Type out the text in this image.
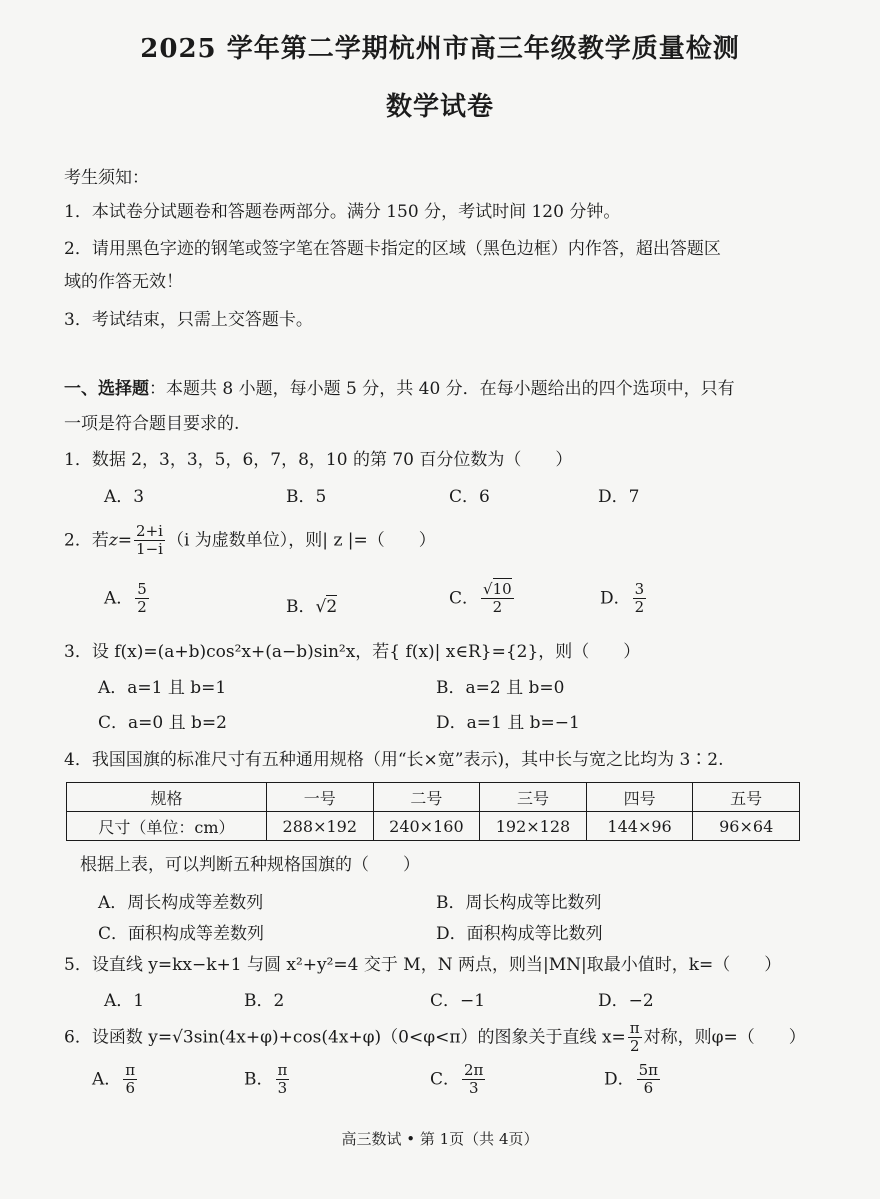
2025 学年第二学期杭州市高三年级教学质量检测
数学试卷

考生须知：

1．本试卷分试题卷和答题卷两部分。满分 150 分，考试时间 120 分钟。

2．请用黑色字迹的钢笔或签字笔在答题卡指定的区域（黑色边框）内作答，超出答题区

域的作答无效！

3．考试结束，只需上交答题卡。

一、选择题：本题共 8 小题，每小题 5 分，共 40 分．在每小题给出的四个选项中，只有

一项是符合题目要求的.

1．数据 2，3，3，5，6，7，8，10 的第 70 百分位数为（　　）

A．3	B．5	C．6	D．7

2．若$z= \frac{2+i}{1-i} (i$ 为虚数单位），则| z |=（　　）

A． $\frac{5}{2}$	B．√2	C． $\frac{√10}{2}$	D． $\frac{3}{2}$

3．设 f(x)=(a+b)cos²x+(a−b)sin²x，若{ f(x)| x∈R}={2}，则（　　）

A．a=1 且 b=1	B．a=2 且 b=0
C．a=0 且 b=2	D．a=1 且 b=−1

4．我国国旗的标准尺寸有五种通用规格（用“长×宽”表示)，其中长与宽之比均为 3∶2.

规格	一号	二号	三号	四号	五号
尺寸（单位：cm）	288×192	240×160	192×128	144×96	96×64

根据上表，可以判断五种规格国旗的（　　）

A．周长构成等差数列	B．周长构成等比数列
C．面积构成等差数列	D．面积构成等比数列

5．设直线 y=kx−k+1 与圆 x²+y²=4 交于 M，N 两点，则当|MN|取最小值时，k=（　　）

A．1	B．2	C．−1	D．−2

6．设函数 y=√3sin(4x+φ)+cos(4x+φ)（0<φ<π）的图象关于直线 $x= \frac{\pi}{2}$ 对称，则φ=（　　）

A． $\frac{\pi}{6}$	B． $\frac{\pi}{3}$	C． $\frac{2\pi}{3}$	D． $\frac{5\pi}{6}$
高三数试 • 第 1页（共 4页）
